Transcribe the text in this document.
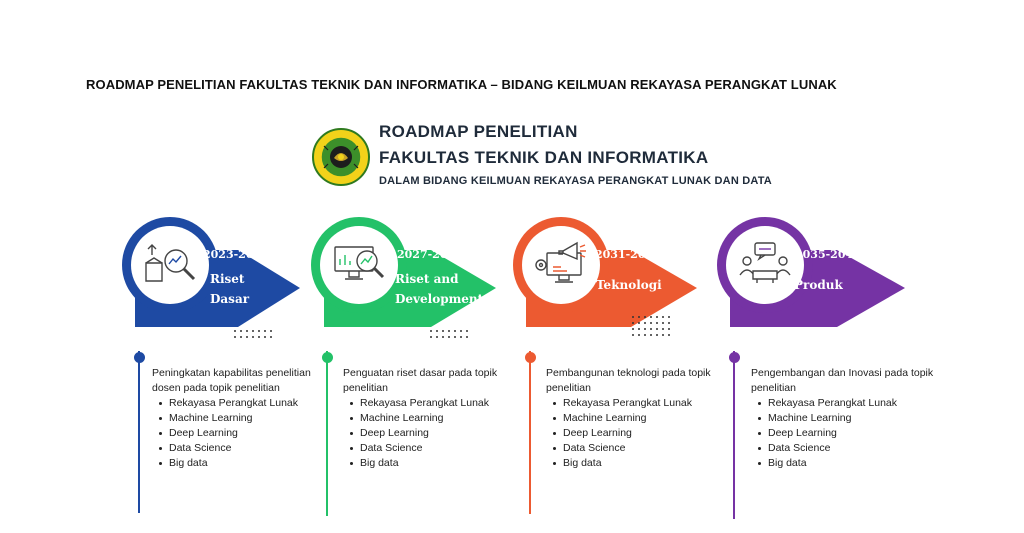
ROADMAP PENELITIAN FAKULTAS TEKNIK DAN INFORMATIKA – BIDANG KEILMUAN REKAYASA PERANGKAT LUNAK
ROADMAP PENELITIAN
FAKULTAS TEKNIK DAN INFORMATIKA
DALAM BIDANG KEILMUAN REKAYASA PERANGKAT LUNAK DAN DATA
2023-2027
Riset
Dasar
Peningkatan kapabilitas penelitian dosen pada topik penelitian
Rekayasa Perangkat Lunak
Machine Learning
Deep Learning
Data Science
Big data
2027-2031
Riset and
Development
Penguatan riset dasar pada topik penelitian
Rekayasa Perangkat Lunak
Machine Learning
Deep Learning
Data Science
Big data
2031-2035
Teknologi
Pembangunan teknologi pada topik penelitian
Rekayasa Perangkat Lunak
Machine Learning
Deep Learning
Data Science
Big data
2035-2041
Produk
Pengembangan dan Inovasi pada topik penelitian
Rekayasa Perangkat Lunak
Machine Learning
Deep Learning
Data Science
Big data
